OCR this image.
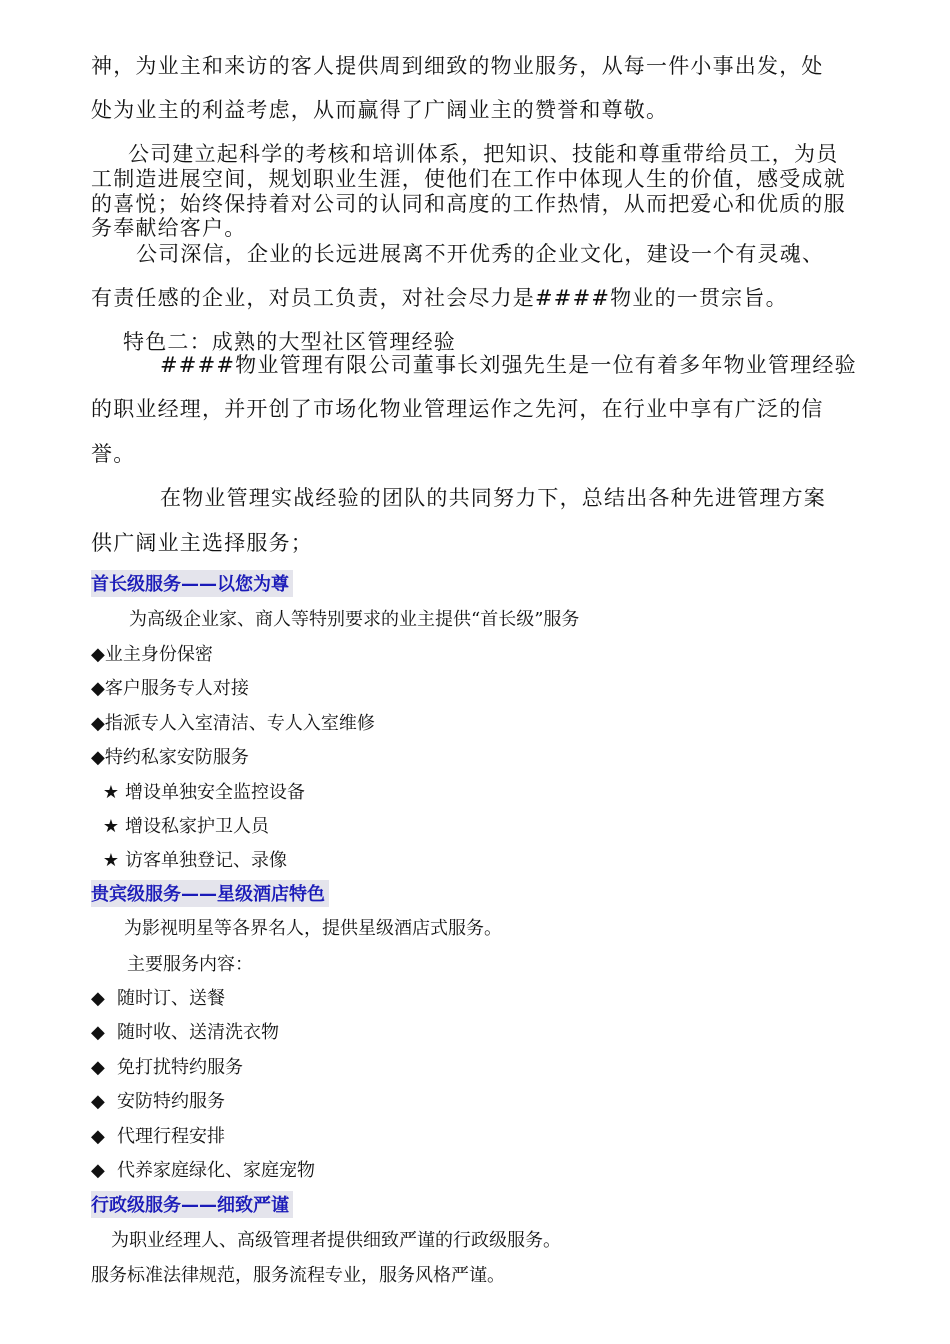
神，为业主和来访的客人提供周到细致的物业服务，从每一件小事出发，处
处为业主的利益考虑，从而赢得了广阔业主的赞誉和尊敬。
公司建立起科学的考核和培训体系，把知识、技能和尊重带给员工，为员
工制造进展空间，规划职业生涯，使他们在工作中体现人生的价值，感受成就
的喜悦；始终保持着对公司的认同和高度的工作热情，从而把爱心和优质的服
务奉献给客户。
公司深信，企业的长远进展离不开优秀的企业文化，建设一个有灵魂、
有责任感的企业，对员工负责，对社会尽力是####物业的一贯宗旨。
特色二：成熟的大型社区管理经验
####物业管理有限公司董事长刘强先生是一位有着多年物业管理经验
的职业经理，并开创了市场化物业管理运作之先河，在行业中享有广泛的信
誉。
在物业管理实战经验的团队的共同努力下，总结出各种先进管理方案
供广阔业主选择服务；
首长级服务——以您为尊
为高级企业家、商人等特别要求的业主提供“首长级”服务
◆业主身份保密
◆客户服务专人对接
◆指派专人入室清洁、专人入室维修
◆特约私家安防服务
★ 增设单独安全监控设备
★ 增设私家护卫人员
★ 访客单独登记、录像
贵宾级服务——星级酒店特色
为影视明星等各界名人，提供星级酒店式服务。
主要服务内容：
◆ 随时订、送餐
◆ 随时收、送清洗衣物
◆ 免打扰特约服务
◆ 安防特约服务
◆ 代理行程安排
◆ 代养家庭绿化、家庭宠物
行政级服务——细致严谨
为职业经理人、高级管理者提供细致严谨的行政级服务。
服务标准法律规范，服务流程专业，服务风格严谨。
